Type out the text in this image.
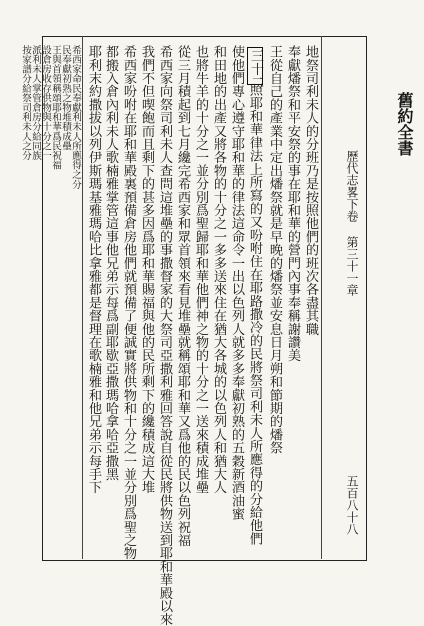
舊約全書
歷代志畧下卷 第三十一章
五百八十八
地祭司利未人的分班乃是按照他們的班次各盡其職
奉獻燔祭和平安祭的事在耶和華的營門內事奉稱謝讚美
王從自己的產業中定出燔祭就是早晚的燔祭並安息日月朔和節期的燔祭
照耶和華律法上所寫的又吩咐住在耶路撒冷的民將祭司利未人所應得的分給他們
三十二
使他們專心遵守耶和華的律法這命令一出以色列人就多多奉獻初熟的五穀新酒油蜜
和田地的出產又將各物的十分之一多多送來住在猶大各城的以色列人和猶大人
也將牛羊的十分之一並分別爲聖歸耶和華他們神之物的十分之一送來積成堆壘
從三月積起到七月纔完希西家和眾首領來看見堆壘就稱頌耶和華又爲他的民以色列祝福
希西家向祭司利未人查問這堆壘的事撒督家的大祭司亞撒利雅回答說自從民將供物送到耶和華殿以來
我們不但喫飽而且剩下的甚多因爲耶和華賜福與他的民所剩下的纔積成這大堆
希西家吩咐在耶和華殿裏預備倉房他們就預備了便誠實將供物和十分之一並分別爲聖之物
都搬入倉內利未人歌楠雅掌管這事他兄弟示每爲副耶歇亞撒瑪哈拿哈亞撒黑
耶利末約撒拔以列伊斯瑪基雅瑪哈比拿雅都是督理在歌楠雅和他兄弟示每手下
希西家命民奉獻利未人所應得之分
民奉獻初熟之物堆積成壘
王與首領稱頌耶和華爲民祝福
設倉房收存供物與十分之一
派利未人掌管倉房分給同族
按家譜分給祭司利未人之分
